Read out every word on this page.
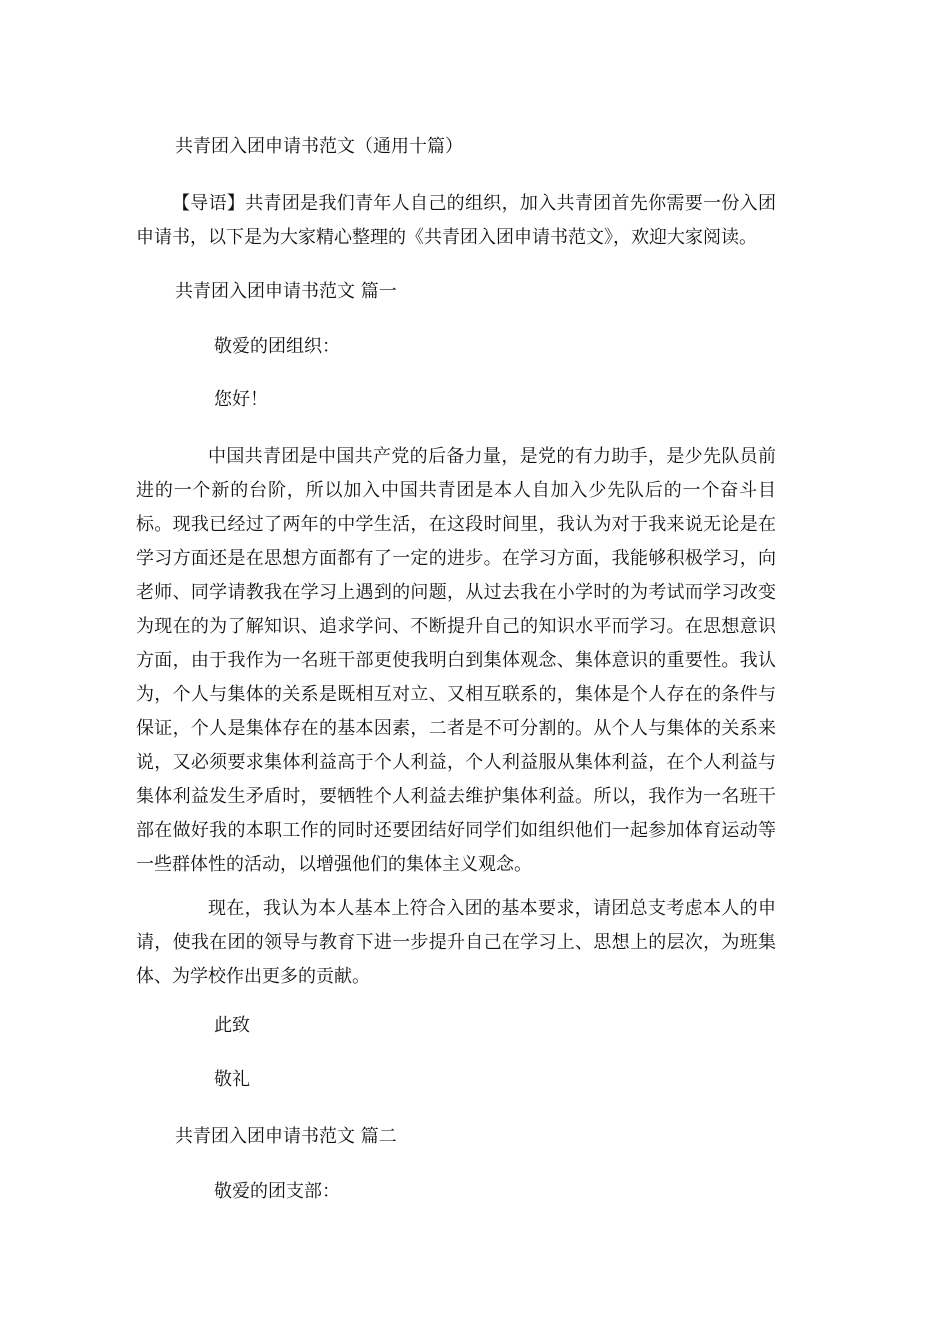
共青团入团申请书范文（通用十篇）

【导语】共青团是我们青年人自己的组织，加入共青团首先你需要一份入团申请书，以下是为大家精心整理的《共青团入团申请书范文》，欢迎大家阅读。

共青团入团申请书范文 篇一

敬爱的团组织：

您好！

中国共青团是中国共产党的后备力量，是党的有力助手，是少先队员前进的一个新的台阶，所以加入中国共青团是本人自加入少先队后的一个奋斗目标。现我已经过了两年的中学生活，在这段时间里，我认为对于我来说无论是在学习方面还是在思想方面都有了一定的进步。在学习方面，我能够积极学习，向老师、同学请教我在学习上遇到的问题，从过去我在小学时的为考试而学习改变为现在的为了解知识、追求学问、不断提升自己的知识水平而学习。在思想意识方面，由于我作为一名班干部更使我明白到集体观念、集体意识的重要性。我认为，个人与集体的关系是既相互对立、又相互联系的，集体是个人存在的条件与保证，个人是集体存在的基本因素，二者是不可分割的。从个人与集体的关系来说，又必须要求集体利益高于个人利益，个人利益服从集体利益，在个人利益与集体利益发生矛盾时，要牺牲个人利益去维护集体利益。所以，我作为一名班干部在做好我的本职工作的同时还要团结好同学们如组织他们一起参加体育运动等一些群体性的活动，以增强他们的集体主义观念。

现在，我认为本人基本上符合入团的基本要求，请团总支考虑本人的申请，使我在团的领导与教育下进一步提升自己在学习上、思想上的层次，为班集体、为学校作出更多的贡献。

此致

敬礼

共青团入团申请书范文 篇二

敬爱的团支部：
